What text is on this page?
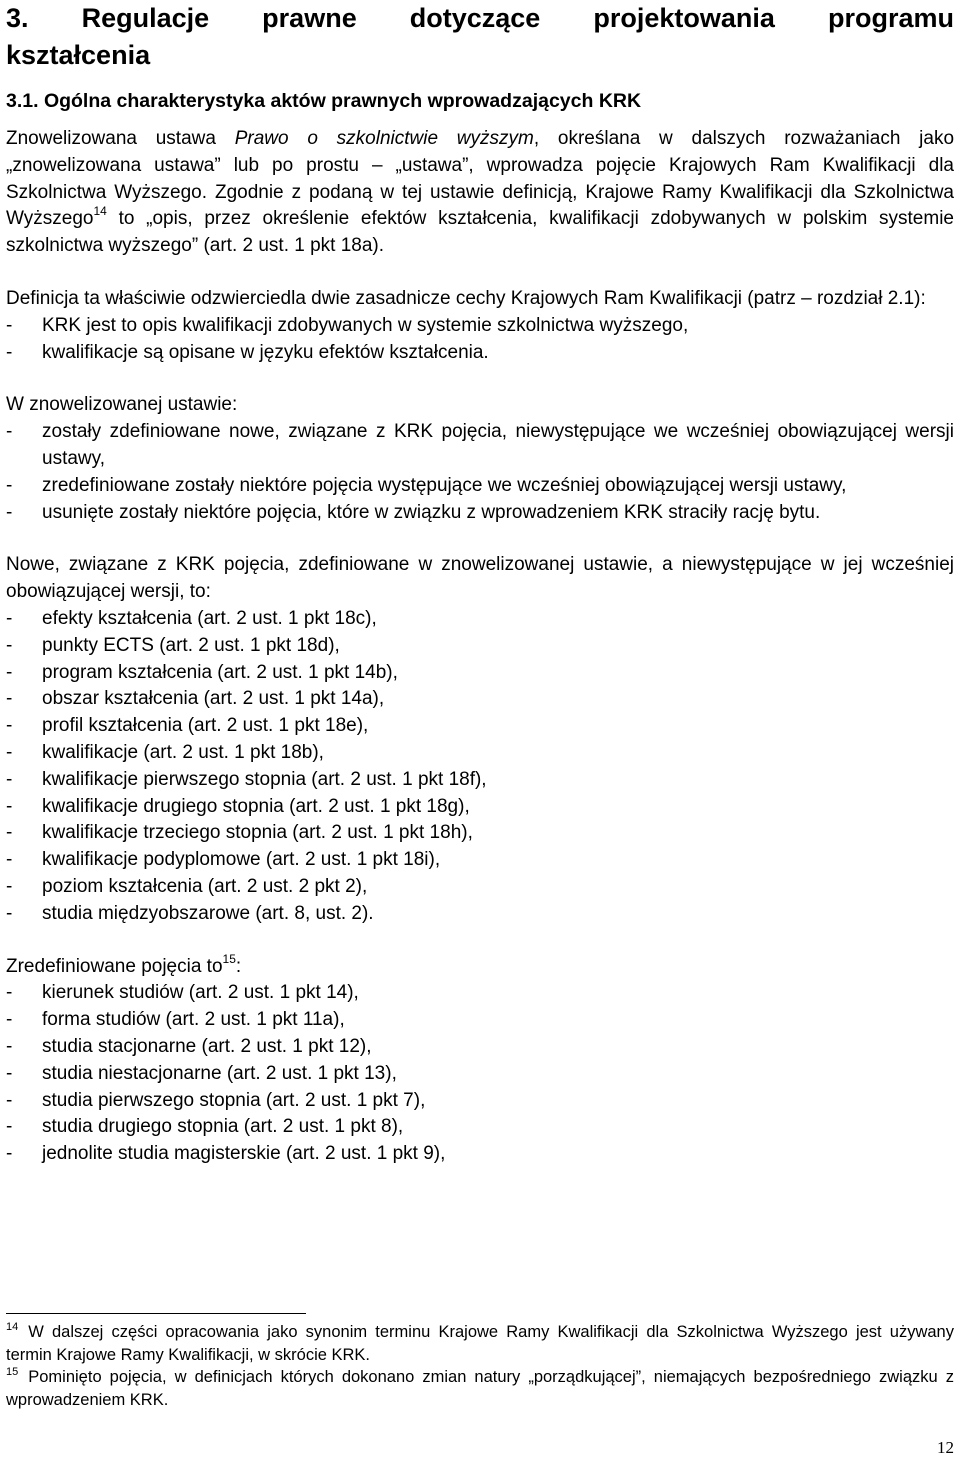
3. Regulacje prawne dotyczące projektowania programu
kształcenia
3.1. Ogólna charakterystyka aktów prawnych wprowadzających KRK

Znowelizowana ustawa Prawo o szkolnictwie wyższym, określana w dalszych rozważaniach jako „znowelizowana ustawa” lub po prostu – „ustawa”, wprowadza pojęcie Krajowych Ram Kwalifikacji dla Szkolnictwa Wyższego. Zgodnie z podaną w tej ustawie definicją, Krajowe Ramy Kwalifikacji dla Szkolnictwa Wyższego$^{14}$ to „opis, przez określenie efektów kształcenia, kwalifikacji zdobywanych w polskim systemie szkolnictwa wyższego” (art. 2 ust. 1 pkt 18a).

Definicja ta właściwie odzwierciedla dwie zasadnicze cechy Krajowych Ram Kwalifikacji (patrz – rozdział 2.1):

- KRK jest to opis kwalifikacji zdobywanych w systemie szkolnictwa wyższego,
- kwalifikacje są opisane w języku efektów kształcenia.

W znowelizowanej ustawie:

- zostały zdefiniowane nowe, związane z KRK pojęcia, niewystępujące we wcześniej obowiązującej wersji ustawy,
- zredefiniowane zostały niektóre pojęcia występujące we wcześniej obowiązującej wersji ustawy,
- usunięte zostały niektóre pojęcia, które w związku z wprowadzeniem KRK straciły rację bytu.

Nowe, związane z KRK pojęcia, zdefiniowane w znowelizowanej ustawie, a niewystępujące w jej wcześniej obowiązującej wersji, to:

- efekty kształcenia (art. 2 ust. 1 pkt 18c),
- punkty ECTS (art. 2 ust. 1 pkt 18d),
- program kształcenia (art. 2 ust. 1 pkt 14b),
- obszar kształcenia (art. 2 ust. 1 pkt 14a),
- profil kształcenia (art. 2 ust. 1 pkt 18e),
- kwalifikacje (art. 2 ust. 1 pkt 18b),
- kwalifikacje pierwszego stopnia (art. 2 ust. 1 pkt 18f),
- kwalifikacje drugiego stopnia (art. 2 ust. 1 pkt 18g),
- kwalifikacje trzeciego stopnia (art. 2 ust. 1 pkt 18h),
- kwalifikacje podyplomowe (art. 2 ust. 1 pkt 18i),
- poziom kształcenia (art. 2 ust. 2 pkt 2),
- studia międzyobszarowe (art. 8, ust. 2).

Zredefiniowane pojęcia $to^{15}$:

- kierunek studiów (art. 2 ust. 1 pkt 14),
- forma studiów (art. 2 ust. 1 pkt 11a),
- studia stacjonarne (art. 2 ust. 1 pkt 12),
- studia niestacjonarne (art. 2 ust. 1 pkt 13),
- studia pierwszego stopnia (art. 2 ust. 1 pkt 7),
- studia drugiego stopnia (art. 2 ust. 1 pkt 8),
- jednolite studia magisterskie (art. 2 ust. 1 pkt 9),

$^{14}$ W dalszej części opracowania jako synonim terminu Krajowe Ramy Kwalifikacji dla Szkolnictwa Wyższego jest używany termin Krajowe Ramy Kwalifikacji, w skrócie KRK.

$^{15}$ Pominięto pojęcia, w definicjach których dokonano zmian natury „porządkującej”, niemających bezpośredniego związku z wprowadzeniem KRK.

12
